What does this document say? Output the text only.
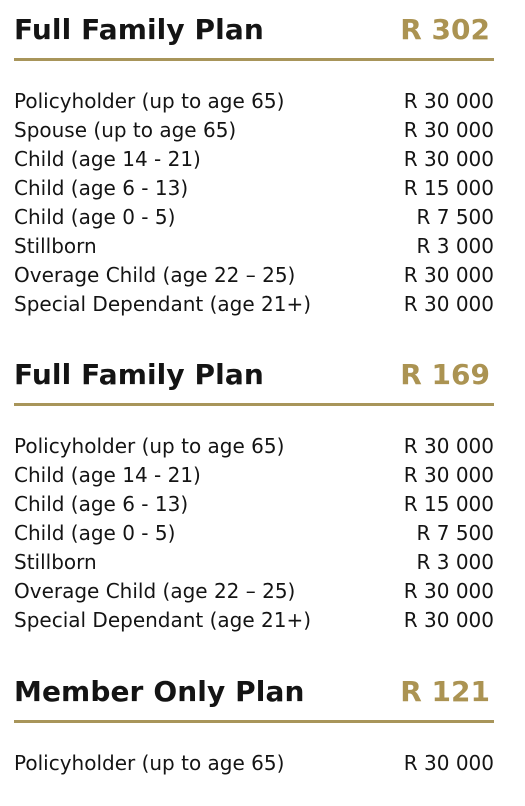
Full Family Plan	R 302
Policyholder (up to age 65)	R 30 000
Spouse (up to age 65)	R 30 000
Child (age 14 - 21)	R 30 000
Child (age 6 - 13)	R 15 000
Child (age 0 - 5)	R 7 500
Stillborn	R 3 000
Overage Child (age 22 – 25)	R 30 000
Special Dependant (age 21+)	R 30 000
Full Family Plan	R 169
Policyholder (up to age 65)	R 30 000
Child (age 14 - 21)	R 30 000
Child (age 6 - 13)	R 15 000
Child (age 0 - 5)	R 7 500
Stillborn	R 3 000
Overage Child (age 22 – 25)	R 30 000
Special Dependant (age 21+)	R 30 000
Member Only Plan	R 121
Policyholder (up to age 65)	R 30 000
